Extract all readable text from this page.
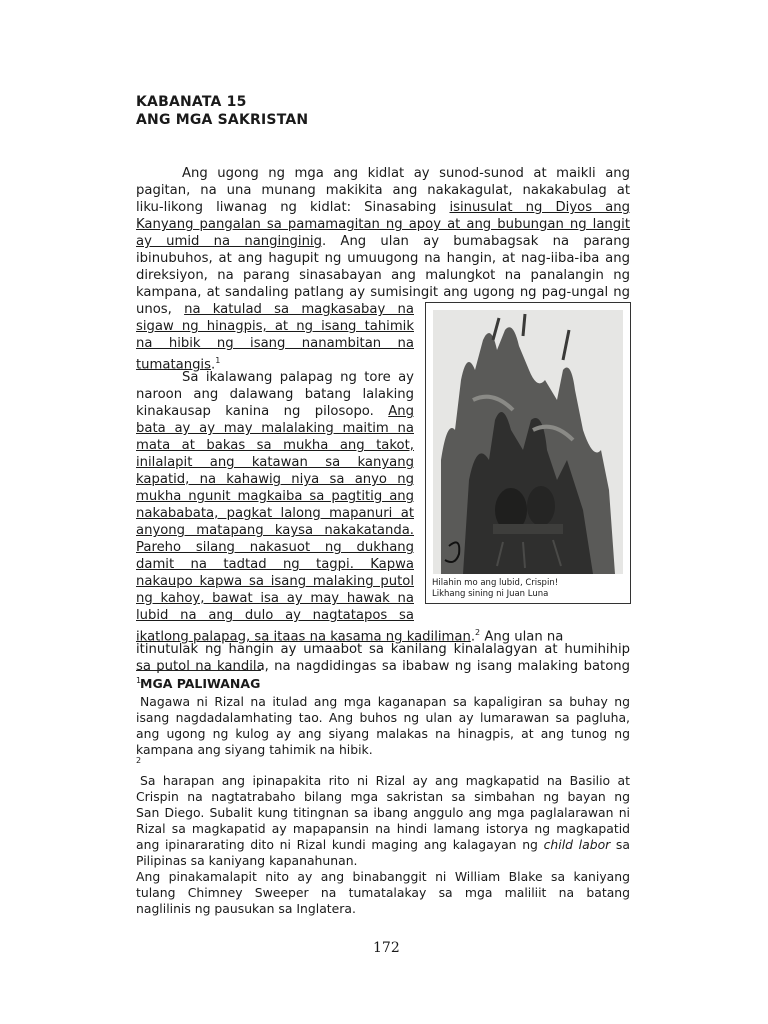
KABANATA 15
ANG MGA SAKRISTAN
Ang ugong ng mga ang kidlat ay sunod-sunod at maikli ang
pagitan, na una munang makikita ang nakakagulat, nakakabulag at
liku-likong liwanag ng kidlat: Sinasabing isinusulat ng Diyos ang
Kanyang pangalan sa pamamagitan ng apoy at ang bubungan ng langit
ay umid na nanginginig. Ang ulan ay bumabagsak na parang
ibinubuhos, at ang hagupit ng umuugong na hangin, at nag-iiba-iba ang
direksiyon, na parang sinasabayan ang malungkot na panalangin ng
kampana, at sandaling patlang ay sumisingit ang ugong ng pag-ungal ng
unos, na katulad sa magkasabay na
sigaw ng hinagpis, at ng isang tahimik
na hibik ng isang nanambitan na
tumatangis.$^1$
Sa ikalawang palapag ng tore ay
naroon ang dalawang batang lalaking
kinakausap kanina ng pilosopo. Ang
bata ay ay may malalaking maitim na
mata at bakas sa mukha ang takot,
inilalapit ang katawan sa kanyang
kapatid, na kahawig niya sa anyo ng
mukha ngunit magkaiba sa pagtitig ang
nakababata, pagkat lalong mapanuri at
anyong matapang kaysa nakakatanda.
Pareho silang nakasuot ng dukhang
damit na tadtad ng tagpi. Kapwa
nakaupo kapwa sa isang malaking putol
ng kahoy, bawat isa ay may hawak na
lubid na ang dulo ay nagtatapos sa
ikatlong palapag, sa itaas na kasama ng kadiliman.$^2$ Ang ulan na
itinutulak ng hangin ay umaabot sa kanilang kinalalagyan at humihihip
sa putol na kandila, na nagdidingas sa ibabaw ng isang malaking batong
Hilahin mo ang lubid, Crispin!
Likhang sining ni Juan Luna
1
MGA PALIWANAG
Nagawa ni Rizal na itulad ang mga kaganapan sa kapaligiran sa buhay ng
isang nagdadalamhating tao. Ang buhos ng ulan ay lumarawan sa pagluha,
ang ugong ng kulog ay ang siyang malakas na hinagpis, at ang tunog ng
kampana ang siyang tahimik na hibik.
2
Sa harapan ang ipinapakita rito ni Rizal ay ang magkapatid na Basilio at
Crispin na nagtatrabaho bilang mga sakristan sa simbahan ng bayan ng
San Diego. Subalit kung titingnan sa ibang anggulo ang mga paglalarawan ni
Rizal sa magkapatid ay mapapansin na hindi lamang istorya ng magkapatid
ang ipinararating dito ni Rizal kundi maging ang kalagayan ng child labor sa
Pilipinas sa kaniyang kapanahunan.
Ang pinakamalapit nito ay ang binabanggit ni William Blake sa kaniyang
tulang Chimney Sweeper na tumatalakay sa mga maliliit na batang
naglilinis ng pausukan sa Inglatera.
172
